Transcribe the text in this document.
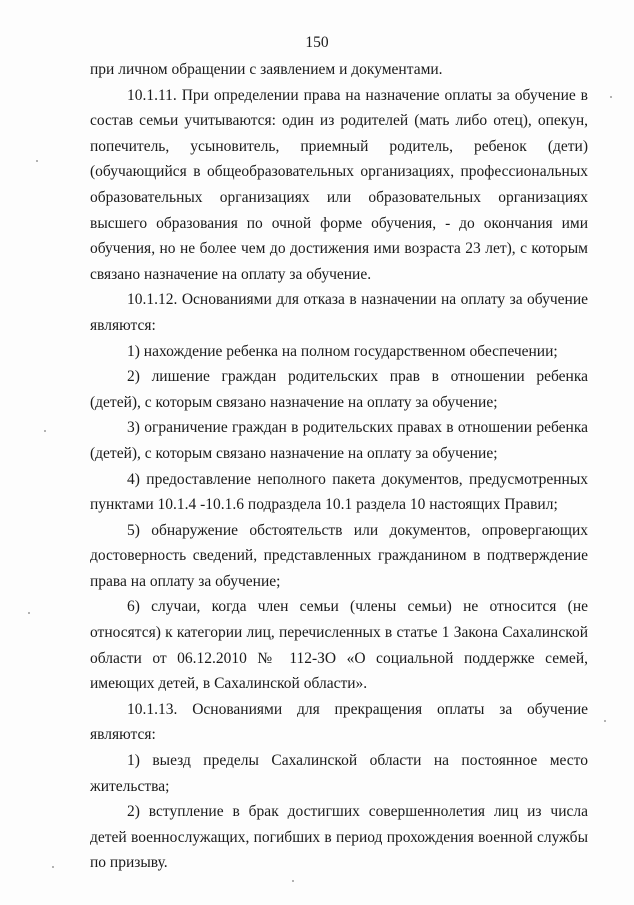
150

при личном обращении с заявлением и документами.

10.1.11. При определении права на назначение оплаты за обучение в состав семьи учитываются: один из родителей (мать либо отец), опекун, попечитель, усыновитель, приемный родитель, ребенок (дети) (обучающийся в общеобразовательных организациях, профессиональных образовательных организациях или образовательных организациях высшего образования по очной форме обучения, - до окончания ими обучения, но не более чем до достижения ими возраста 23 лет), с которым связано назначение на оплату за обучение.

10.1.12. Основаниями для отказа в назначении на оплату за обучение являются:

1) нахождение ребенка на полном государственном обеспечении;

2) лишение граждан родительских прав в отношении ребенка (детей), с которым связано назначение на оплату за обучение;

3) ограничение граждан в родительских правах в отношении ребенка (детей), с которым связано назначение на оплату за обучение;

4) предоставление неполного пакета документов, предусмотренных пунктами 10.1.4 -10.1.6 подраздела 10.1 раздела 10 настоящих Правил;

5) обнаружение обстоятельств или документов, опровергающих достоверность сведений, представленных гражданином в подтверждение права на оплату за обучение;

6) случаи, когда член семьи (члены семьи) не относится (не относятся) к категории лиц, перечисленных в статье 1 Закона Сахалинской области от 06.12.2010 № 112-ЗО «О социальной поддержке семей, имеющих детей, в Сахалинской области».

10.1.13. Основаниями для прекращения оплаты за обучение являются:

1) выезд пределы Сахалинской области на постоянное место жительства;

2) вступление в брак достигших совершеннолетия лиц из числа детей военнослужащих, погибших в период прохождения военной службы по призыву.
